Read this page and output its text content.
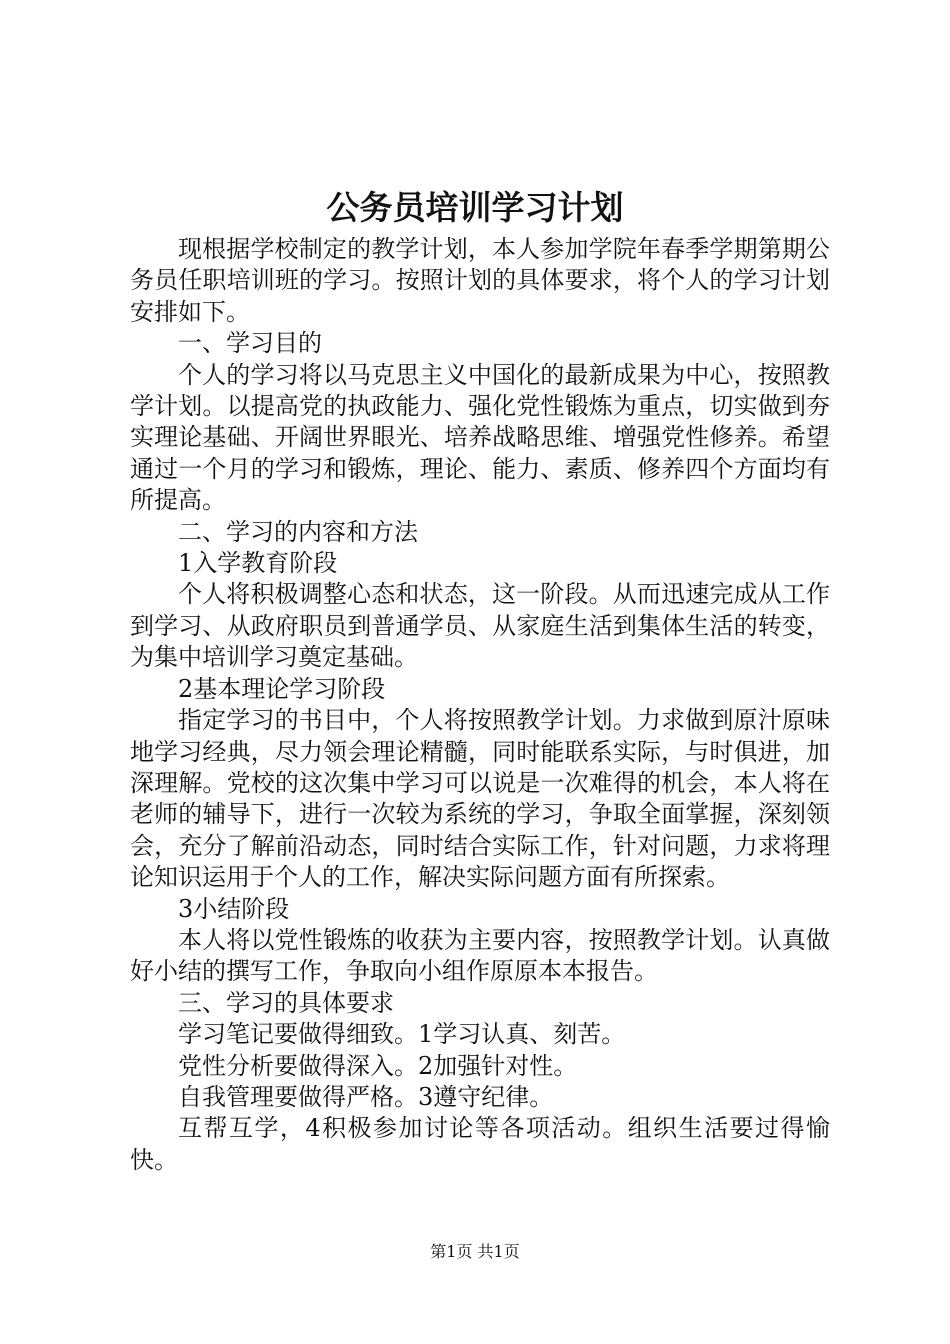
公务员培训学习计划

现根据学校制定的教学计划，本人参加学院年春季学期第期公务员任职培训班的学习。按照计划的具体要求，将个人的学习计划安排如下。

一、学习目的

个人的学习将以马克思主义中国化的最新成果为中心，按照教学计划。以提高党的执政能力、强化党性锻炼为重点，切实做到夯实理论基础、开阔世界眼光、培养战略思维、增强党性修养。希望通过一个月的学习和锻炼，理论、能力、素质、修养四个方面均有所提高。

二、学习的内容和方法

1入学教育阶段

个人将积极调整心态和状态，这一阶段。从而迅速完成从工作到学习、从政府职员到普通学员、从家庭生活到集体生活的转变，为集中培训学习奠定基础。

2基本理论学习阶段

指定学习的书目中，个人将按照教学计划。力求做到原汁原味地学习经典，尽力领会理论精髓，同时能联系实际，与时俱进，加深理解。党校的这次集中学习可以说是一次难得的机会，本人将在老师的辅导下，进行一次较为系统的学习，争取全面掌握，深刻领会，充分了解前沿动态，同时结合实际工作，针对问题，力求将理论知识运用于个人的工作，解决实际问题方面有所探索。

3小结阶段

本人将以党性锻炼的收获为主要内容，按照教学计划。认真做好小结的撰写工作，争取向小组作原原本本报告。

三、学习的具体要求

学习笔记要做得细致。1学习认真、刻苦。

党性分析要做得深入。2加强针对性。

自我管理要做得严格。3遵守纪律。

互帮互学，4积极参加讨论等各项活动。组织生活要过得愉快。

第1页 共1页
